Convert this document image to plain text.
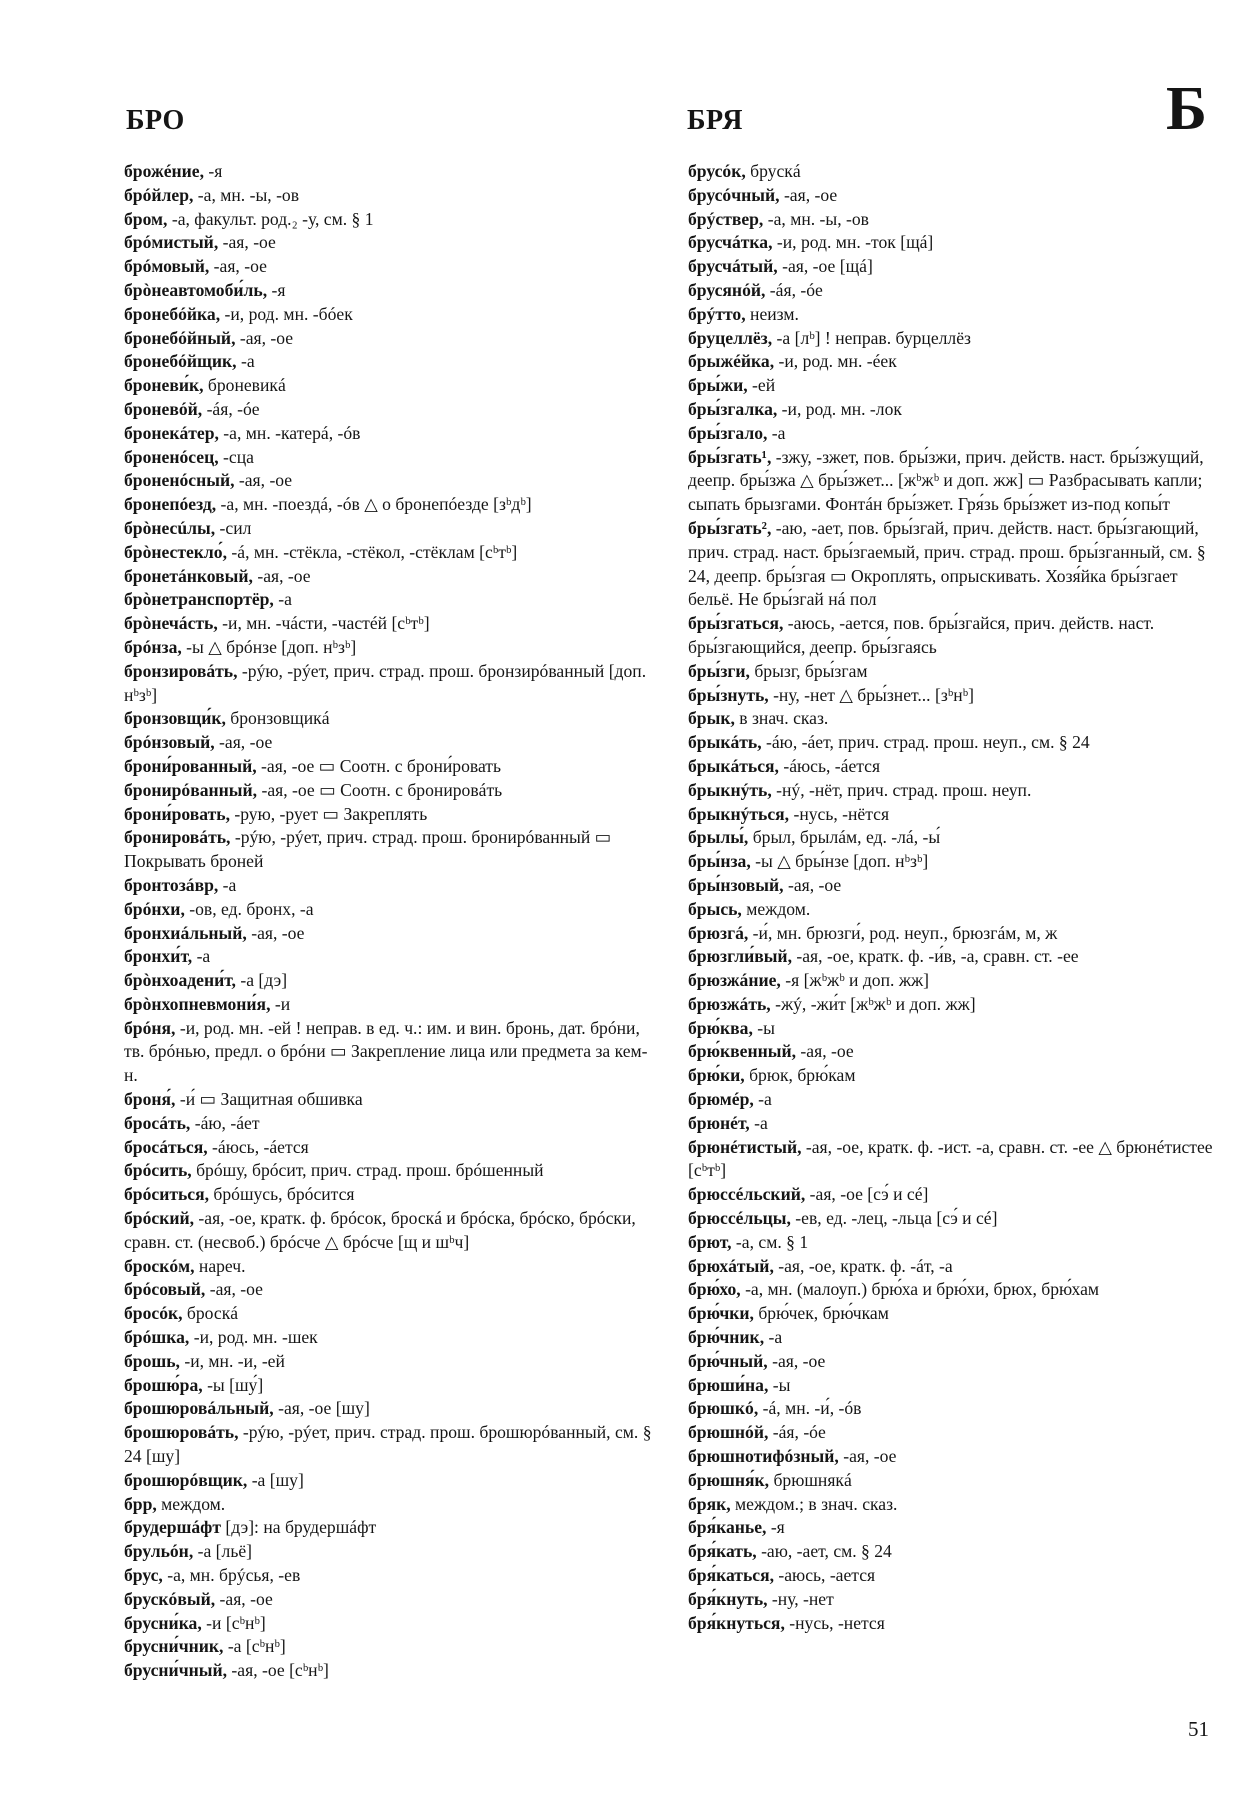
БРО	БРЯ	Б
брожéние, -я
брóйлер, -а, мн. -ы, -ов
бром, -а, факульт. род.₂ -у, см. § 1
брóмистый, -ая, -ое
брóмовый, -ая, -ое
брòнеавтомоби́ль, -я
бронебóйка, -и, род. мн. -бóек
бронебóйный, -ая, -ое
бронебóйщик, -а
броневи́к, броневикá
броневóй, -áя, -óе
бронекáтер, -а, мн. -катерá, -óв
броненóсец, -сца
броненóсный, -ая, -ое
бронепóезд, -а, мн. -поездá, -óв △ о бронепóезде [зᵇдᵇ]
брòнесúлы, -сил
брòнестекло́, -á, мн. -стёкла, -стёкол, -стёклам [сᵇтᵇ]
бронетáнковый, -ая, -ое
брòнетранспортёр, -а
брòнечáсть, -и, мн. -чáсти, -частéй [сᵇтᵇ]
брóнза, -ы △ брóнзе [доп. нᵇзᵇ]
бронзировáть, -рýю, -рýет, прич. страд. прош. бронзирóванный [доп. нᵇзᵇ]
бронзовщи́к, бронзовщикá
брóнзовый, -ая, -ое
брони́рованный, -ая, -ое ▭ Соотн. с брони́ровать
бронирóванный, -ая, -ое ▭ Соотн. с бронировáть
брони́ровать, -рую, -рует ▭ Закреплять
бронировáть, -рýю, -рýет, прич. страд. прош. бронирóванный ▭ Покрывать броней
бронтозáвр, -а
брóнхи, -ов, ед. бронх, -а
бронхиáльный, -ая, -ое
бронхи́т, -а
брòнхоадени́т, -а [дэ]
брòнхопневмони́я, -и
брóня, -и, род. мн. -ей ! неправ. в ед. ч.: им. и вин. бронь, дат. брóни, тв. брóнью, предл. о брóни ▭ Закрепление лица или предмета за кем-н.
броня́, -и́ ▭ Защитная обшивка
бросáть, -áю, -áет
бросáться, -áюсь, -áется
брóсить, брóшу, брóсит, прич. страд. прош. брóшенный
брóситься, брóшусь, брóсится
брóский, -ая, -ое, кратк. ф. брóсок, броскá и брóска, брóско, брóски, сравн. ст. (несвоб.) брóсче △ брóсче [щ и шᵇч]
броскóм, нареч.
брóсовый, -ая, -ое
бросóк, броскá
брóшка, -и, род. мн. -шек
брошь, -и, мн. -и, -ей
брошю́ра, -ы [шу́]
брошюровáльный, -ая, -ое [шу]
брошюровáть, -рýю, -рýет, прич. страд. прош. брошюрóванный, см. § 24 [шу]
брошюрóвщик, -а [шу]
брр, междом.
брудершáфт [дэ]: на брудершáфт
брульóн, -а [льё]
брус, -а, мн. брýсья, -ев
брускóвый, -ая, -ое
брусни́ка, -и [сᵇнᵇ]
брусни́чник, -а [сᵇнᵇ]
брусни́чный, -ая, -ое [сᵇнᵇ]
брусóк, брускá
брусóчный, -ая, -ое
брýствер, -а, мн. -ы, -ов
брусчáтка, -и, род. мн. -ток [щá]
брусчáтый, -ая, -ое [щá]
брусянóй, -áя, -óе
брýтто, неизм.
бруцеллёз, -а [лᵇ] ! неправ. бурцеллёз
брыжéйка, -и, род. мн. -éек
бры́жи, -ей
бры́згалка, -и, род. мн. -лок
бры́згало, -а
бры́згать¹, -зжу, -зжет, пов. бры́зжи, прич. действ. наст. бры́зжущий, деепр. бры́зжа △ бры́зжет... [жᵇжᵇ и доп. жж] ▭ Разбрасывать капли; сыпать брызгами. Фонтáн бры́зжет. Гря́зь бры́зжет из-под копы́т
бры́згать², -аю, -ает, пов. бры́згай, прич. действ. наст. бры́згающий, прич. страд. наст. бры́згаемый, прич. страд. прош. бры́зганный, см. § 24, деепр. бры́згая ▭ Окроплять, опрыскивать. Хозя́йка бры́згает бельё. Не бры́згай нá пол
бры́згаться, -аюсь, -ается, пов. бры́згайся, прич. действ. наст. бры́згающийся, деепр. бры́згаясь
бры́зги, брызг, бры́згам
бры́знуть, -ну, -нет △ бры́знет... [зᵇнᵇ]
брык, в знач. сказ.
брыкáть, -áю, -áет, прич. страд. прош. неуп., см. § 24
брыкáться, -áюсь, -áется
брыкнýть, -нý, -нёт, прич. страд. прош. неуп.
брыкнýться, -нусь, -нётся
брылы́, брыл, брылáм, ед. -лá, -ы́
бры́нза, -ы △ бры́нзе [доп. нᵇзᵇ]
бры́нзовый, -ая, -ое
брысь, междом.
брюзгá, -и́, мн. брюзги́, род. неуп., брюзгáм, м, ж
брюзгли́вый, -ая, -ое, кратк. ф. -и́в, -а, сравн. ст. -ее
брюзжáние, -я [жᵇжᵇ и доп. жж]
брюзжáть, -жý, -жи́т [жᵇжᵇ и доп. жж]
брю́ква, -ы
брю́квенный, -ая, -ое
брю́ки, брюк, брю́кам
брюмéр, -а
брюнéт, -а
брюнéтистый, -ая, -ое, кратк. ф. -ист. -а, сравн. ст. -ее △ брюнéтистее [сᵇтᵇ]
брюссéльский, -ая, -ое [сэ́ и сé]
брюссéльцы, -ев, ед. -лец, -льца [сэ́ и сé]
брют, -а, см. § 1
брюхáтый, -ая, -ое, кратк. ф. -áт, -а
брю́хо, -а, мн. (малоуп.) брю́ха и брю́хи, брюх, брю́хам
брю́чки, брю́чек, брю́чкам
брю́чник, -а
брю́чный, -ая, -ое
брюши́на, -ы
брюшкó, -á, мн. -и́, -óв
брюшнóй, -áя, -óе
брюшнотифóзный, -ая, -ое
брюшня́к, брюшнякá
бряк, междом.; в знач. сказ.
бря́канье, -я
бря́кать, -аю, -ает, см. § 24
бря́каться, -аюсь, -ается
бря́кнуть, -ну, -нет
бря́кнуться, -нусь, -нется
51
